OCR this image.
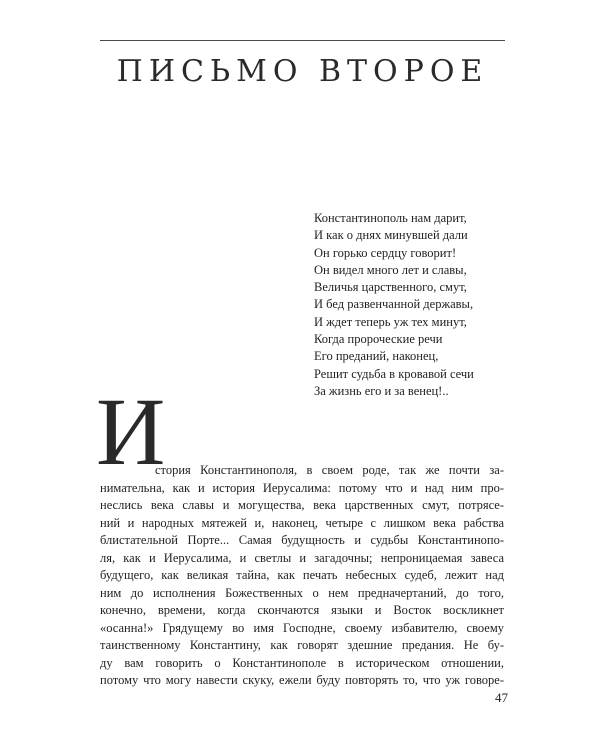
ПИСЬМО ВТОРОЕ
Константинополь нам дарит,
И как о днях минувшей дали
Он горько сердцу говорит!
Он видел много лет и славы,
Величья царственного, смут,
И бед развенчанной державы,
И ждет теперь уж тех минут,
Когда пророческие речи
Его преданий, наконец,
Решит судьба в кровавой сечи
За жизнь его и за венец!..
И
стория Константинополя, в своем роде, так же почти за-
нимательна, как и история Иерусалима: потому что и над ним про-
неслись века славы и могущества, века царственных смут, потрясе-
ний и народных мятежей и, наконец, четыре с лишком века рабства
блистательной Порте... Самая будущность и судьбы Константинопо-
ля, как и Иерусалима, и светлы и загадочны; непроницаемая завеса
будущего, как великая тайна, как печать небесных судеб, лежит над
ним до исполнения Божественных о нем предначертаний, до того,
конечно, времени, когда скончаются языки и Восток воскликнет
«осанна!» Грядущему во имя Господне, своему избавителю, своему
таинственному Константину, как говорят здешние предания. Не бу-
ду вам говорить о Константинополе в историческом отношении,
потому что могу навести скуку, ежели буду повторять то, что уж говоре-
47
